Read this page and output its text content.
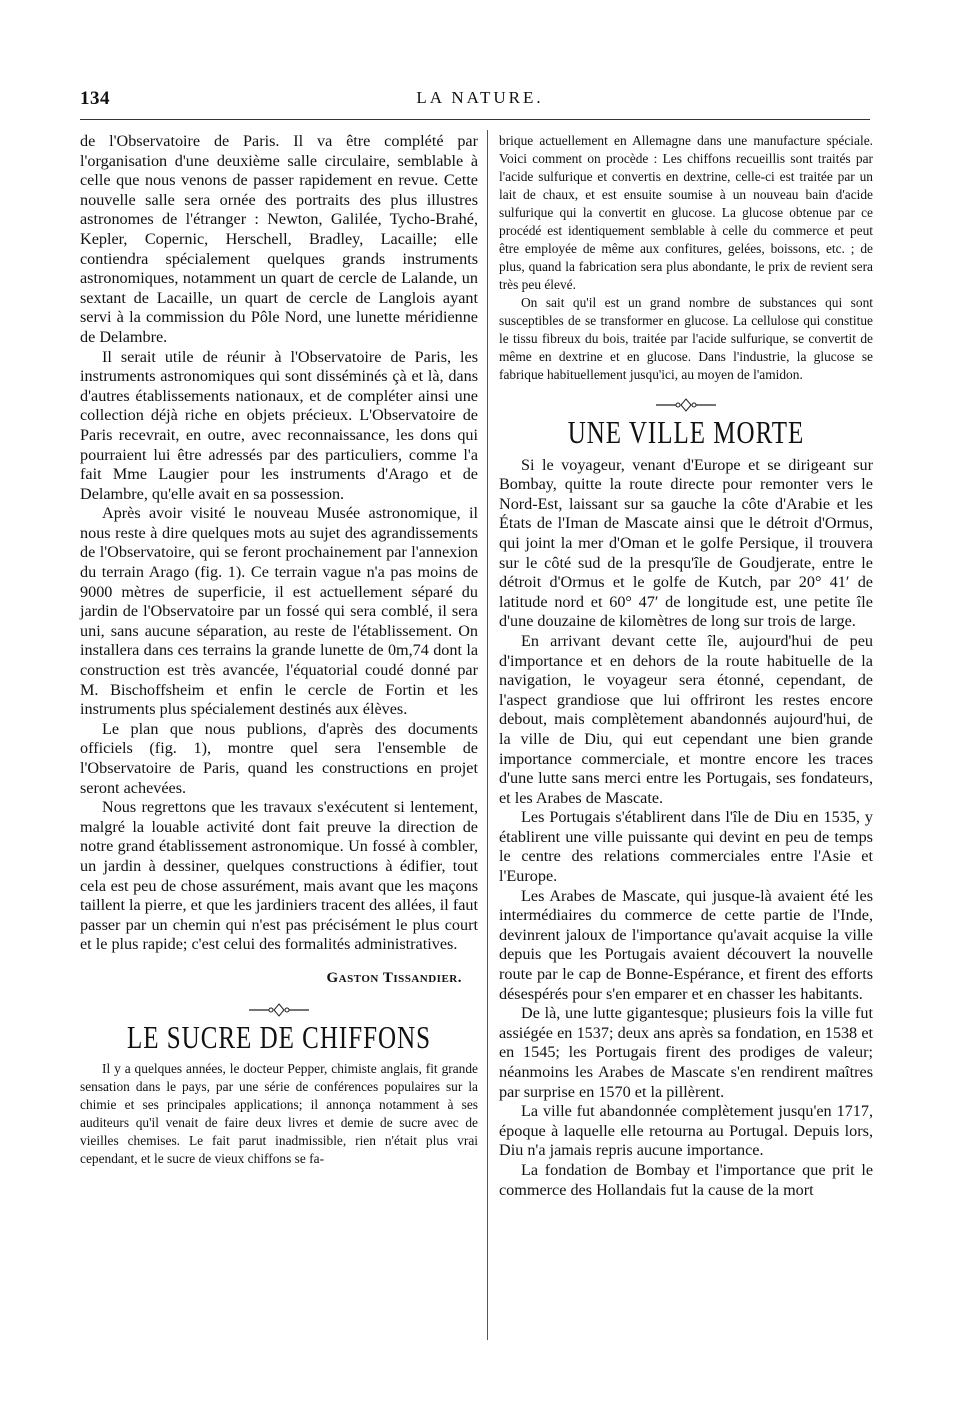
134	LA NATURE.

de l'Observatoire de Paris. Il va être complété par l'organisation d'une deuxième salle circulaire, semblable à celle que nous venons de passer rapidement en revue. Cette nouvelle salle sera ornée des portraits des plus illustres astronomes de l'étranger : Newton, Galilée, Tycho-Brahé, Kepler, Copernic, Herschell, Bradley, Lacaille; elle contiendra spécialement quelques grands instruments astronomiques, notamment un quart de cercle de Lalande, un sextant de Lacaille, un quart de cercle de Langlois ayant servi à la commission du Pôle Nord, une lunette méridienne de Delambre.

Il serait utile de réunir à l'Observatoire de Paris, les instruments astronomiques qui sont disséminés çà et là, dans d'autres établissements nationaux, et de compléter ainsi une collection déjà riche en objets précieux. L'Observatoire de Paris recevrait, en outre, avec reconnaissance, les dons qui pourraient lui être adressés par des particuliers, comme l'a fait Mme Laugier pour les instruments d'Arago et de Delambre, qu'elle avait en sa possession.

Après avoir visité le nouveau Musée astronomique, il nous reste à dire quelques mots au sujet des agrandissements de l'Observatoire, qui se feront prochainement par l'annexion du terrain Arago (fig. 1). Ce terrain vague n'a pas moins de 9000 mètres de superficie, il est actuellement séparé du jardin de l'Observatoire par un fossé qui sera comblé, il sera uni, sans aucune séparation, au reste de l'établissement. On installera dans ces terrains la grande lunette de 0m,74 dont la construction est très avancée, l'équatorial coudé donné par M. Bischoffsheim et enfin le cercle de Fortin et les instruments plus spécialement destinés aux élèves.

Le plan que nous publions, d'après des documents officiels (fig. 1), montre quel sera l'ensemble de l'Observatoire de Paris, quand les constructions en projet seront achevées.

Nous regrettons que les travaux s'exécutent si lentement, malgré la louable activité dont fait preuve la direction de notre grand établissement astronomique. Un fossé à combler, un jardin à dessiner, quelques constructions à édifier, tout cela est peu de chose assurément, mais avant que les maçons taillent la pierre, et que les jardiniers tracent des allées, il faut passer par un chemin qui n'est pas précisément le plus court et le plus rapide; c'est celui des formalités administratives.

Gaston Tissandier.
LE SUCRE DE CHIFFONS

Il y a quelques années, le docteur Pepper, chimiste anglais, fit grande sensation dans le pays, par une série de conférences populaires sur la chimie et ses principales applications; il annonça notamment à ses auditeurs qu'il venait de faire deux livres et demie de sucre avec de vieilles chemises. Le fait parut inadmissible, rien n'était plus vrai cependant, et le sucre de vieux chiffons se fa-

brique actuellement en Allemagne dans une manufacture spéciale. Voici comment on procède : Les chiffons recueillis sont traités par l'acide sulfurique et convertis en dextrine, celle-ci est traitée par un lait de chaux, et est ensuite soumise à un nouveau bain d'acide sulfurique qui la convertit en glucose. La glucose obtenue par ce procédé est identiquement semblable à celle du commerce et peut être employée de même aux confitures, gelées, boissons, etc. ; de plus, quand la fabrication sera plus abondante, le prix de revient sera très peu élevé.

On sait qu'il est un grand nombre de substances qui sont susceptibles de se transformer en glucose. La cellulose qui constitue le tissu fibreux du bois, traitée par l'acide sulfurique, se convertit de même en dextrine et en glucose. Dans l'industrie, la glucose se fabrique habituellement jusqu'ici, au moyen de l'amidon.

UNE VILLE MORTE

Si le voyageur, venant d'Europe et se dirigeant sur Bombay, quitte la route directe pour remonter vers le Nord-Est, laissant sur sa gauche la côte d'Arabie et les États de l'Iman de Mascate ainsi que le détroit d'Ormus, qui joint la mer d'Oman et le golfe Persique, il trouvera sur le côté sud de la presqu'île de Goudjerate, entre le détroit d'Ormus et le golfe de Kutch, par 20° 41′ de latitude nord et 60° 47′ de longitude est, une petite île d'une douzaine de kilomètres de long sur trois de large.

En arrivant devant cette île, aujourd'hui de peu d'importance et en dehors de la route habituelle de la navigation, le voyageur sera étonné, cependant, de l'aspect grandiose que lui offriront les restes encore debout, mais complètement abandonnés aujourd'hui, de la ville de Diu, qui eut cependant une bien grande importance commerciale, et montre encore les traces d'une lutte sans merci entre les Portugais, ses fondateurs, et les Arabes de Mascate.

Les Portugais s'établirent dans l'île de Diu en 1535, y établirent une ville puissante qui devint en peu de temps le centre des relations commerciales entre l'Asie et l'Europe.

Les Arabes de Mascate, qui jusque-là avaient été les intermédiaires du commerce de cette partie de l'Inde, devinrent jaloux de l'importance qu'avait acquise la ville depuis que les Portugais avaient découvert la nouvelle route par le cap de Bonne-Espérance, et firent des efforts désespérés pour s'en emparer et en chasser les habitants.

De là, une lutte gigantesque; plusieurs fois la ville fut assiégée en 1537; deux ans après sa fondation, en 1538 et en 1545; les Portugais firent des prodiges de valeur; néanmoins les Arabes de Mascate s'en rendirent maîtres par surprise en 1570 et la pillèrent.

La ville fut abandonnée complètement jusqu'en 1717, époque à laquelle elle retourna au Portugal. Depuis lors, Diu n'a jamais repris aucune importance.

La fondation de Bombay et l'importance que prit le commerce des Hollandais fut la cause de la mort
